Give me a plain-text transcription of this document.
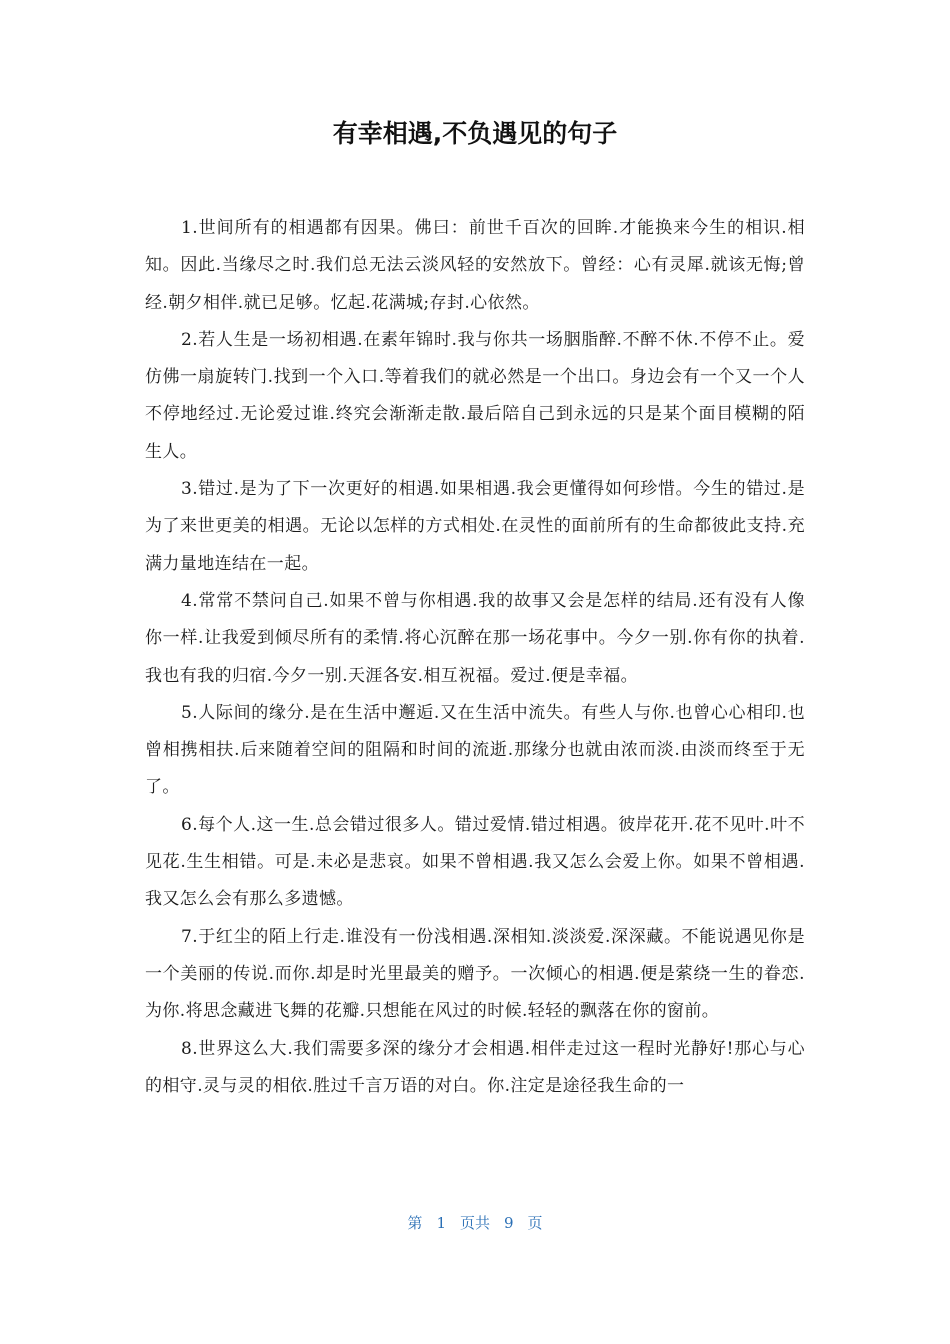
有幸相遇,不负遇见的句子

1.世间所有的相遇都有因果。佛曰：前世千百次的回眸.才能换来今生的相识.相知。因此.当缘尽之时.我们总无法云淡风轻的安然放下。曾经：心有灵犀.就该无悔;曾经.朝夕相伴.就已足够。忆起.花满城;存封.心依然。

2.若人生是一场初相遇.在素年锦时.我与你共一场胭脂醉.不醉不休.不停不止。爱仿佛一扇旋转门.找到一个入口.等着我们的就必然是一个出口。身边会有一个又一个人不停地经过.无论爱过谁.终究会渐渐走散.最后陪自己到永远的只是某个面目模糊的陌生人。

3.错过.是为了下一次更好的相遇.如果相遇.我会更懂得如何珍惜。今生的错过.是为了来世更美的相遇。无论以怎样的方式相处.在灵性的面前所有的生命都彼此支持.充满力量地连结在一起。

4.常常不禁问自己.如果不曾与你相遇.我的故事又会是怎样的结局.还有没有人像你一样.让我爱到倾尽所有的柔情.将心沉醉在那一场花事中。今夕一别.你有你的执着.我也有我的归宿.今夕一别.天涯各安.相互祝福。爱过.便是幸福。

5.人际间的缘分.是在生活中邂逅.又在生活中流失。有些人与你.也曾心心相印.也曾相携相扶.后来随着空间的阻隔和时间的流逝.那缘分也就由浓而淡.由淡而终至于无了。

6.每个人.这一生.总会错过很多人。错过爱情.错过相遇。彼岸花开.花不见叶.叶不见花.生生相错。可是.未必是悲哀。如果不曾相遇.我又怎么会爱上你。如果不曾相遇.我又怎么会有那么多遗憾。

7.于红尘的陌上行走.谁没有一份浅相遇.深相知.淡淡爱.深深藏。不能说遇见你是一个美丽的传说.而你.却是时光里最美的赠予。一次倾心的相遇.便是萦绕一生的眷恋.为你.将思念藏进飞舞的花瓣.只想能在风过的时候.轻轻的飘落在你的窗前。

8.世界这么大.我们需要多深的缘分才会相遇.相伴走过这一程时光静好!那心与心的相守.灵与灵的相依.胜过千言万语的对白。你.注定是途径我生命的一

第 1 页共 9 页
